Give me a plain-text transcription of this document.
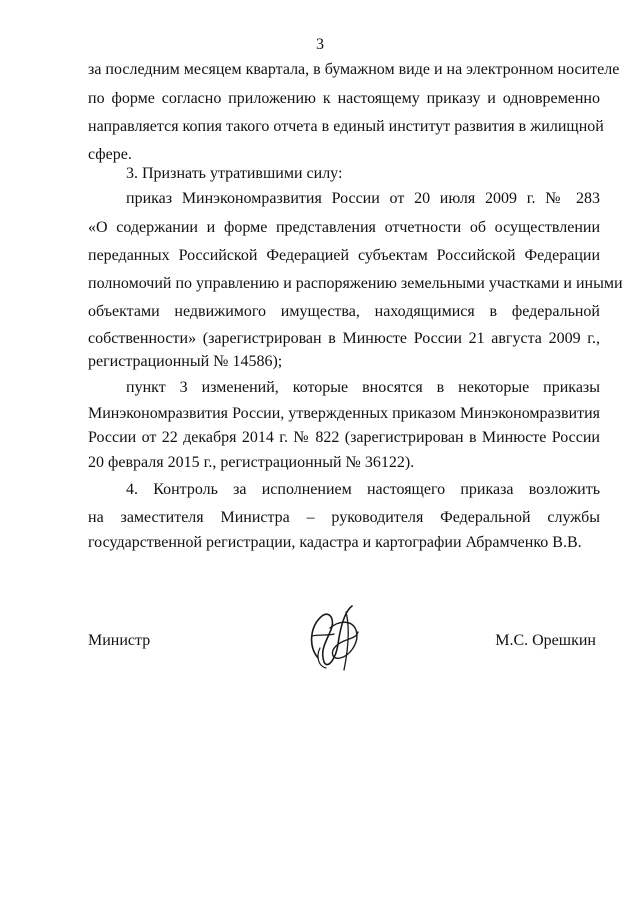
3
за последним месяцем квартала, в бумажном виде и на электронном носителе
по форме согласно приложению к настоящему приказу и одновременно
направляется копия такого отчета в единый институт развития в жилищной
сфере.
3. Признать утратившими силу:
приказ Минэкономразвития России от 20 июля 2009 г. № 283
«О содержании и форме представления отчетности об осуществлении
переданных Российской Федерацией субъектам Российской Федерации
полномочий по управлению и распоряжению земельными участками и иными
объектами недвижимого имущества, находящимися в федеральной
собственности» (зарегистрирован в Минюсте России 21 августа 2009 г.,
регистрационный № 14586);
пункт 3 изменений, которые вносятся в некоторые приказы
Минэкономразвития России, утвержденных приказом Минэкономразвития
России от 22 декабря 2014 г. № 822 (зарегистрирован в Минюсте России
20 февраля 2015 г., регистрационный № 36122).
4. Контроль за исполнением настоящего приказа возложить
на заместителя Министра – руководителя Федеральной службы
государственной регистрации, кадастра и картографии Абрамченко В.В.
Министр	М.С. Орешкин
